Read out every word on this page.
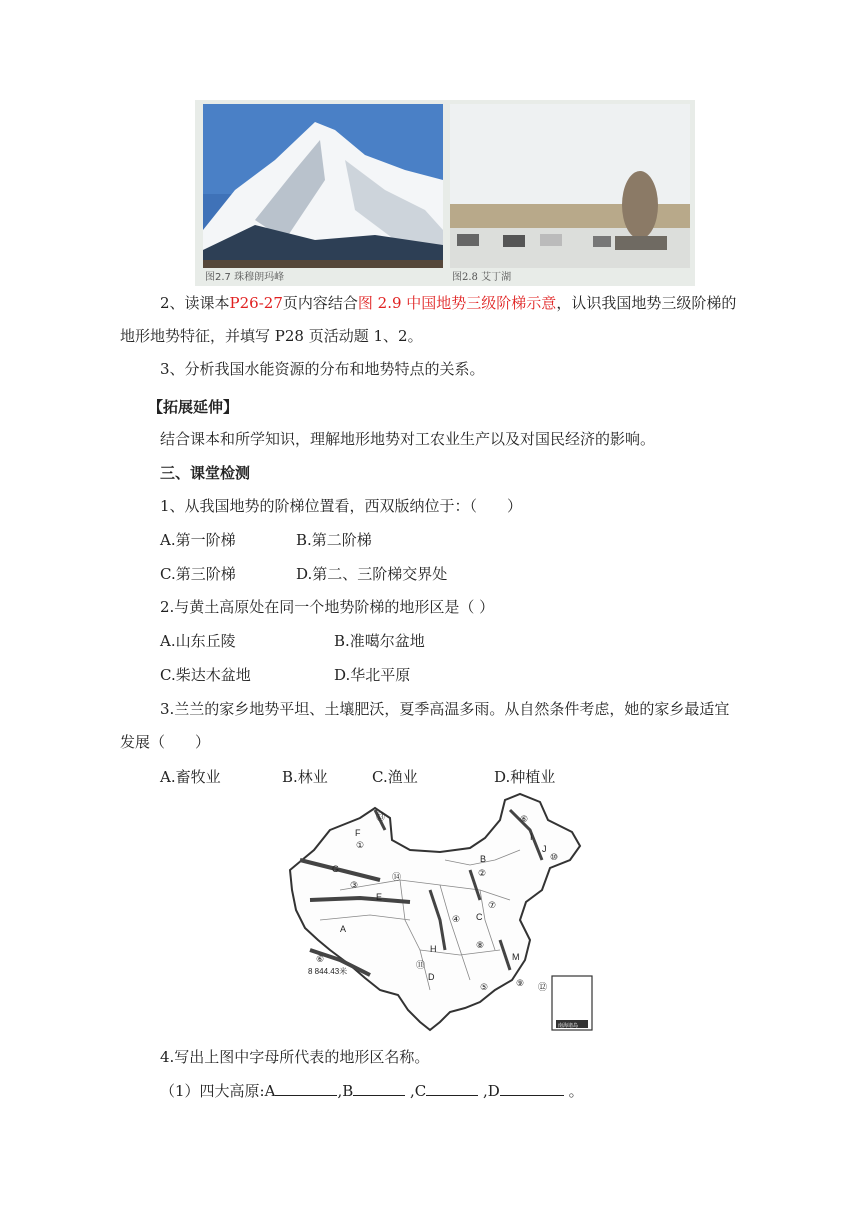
图2.7 珠穆朗玛峰	图2.8 艾丁湖
2、读课本P26-27页内容结合图 2.9 中国地势三级阶梯示意，认识我国地势三级阶梯的
地形地势特征，并填写 P28 页活动题 1、2。
3、分析我国水能资源的分布和地势特点的关系。
【拓展延伸】
结合课本和所学知识，理解地形地势对工农业生产以及对国民经济的影响。
三、课堂检测
1、从我国地势的阶梯位置看，西双版纳位于：（　　）
A.第一阶梯	B.第二阶梯
C.第三阶梯	D.第二、三阶梯交界处
2.与黄土高原处在同一个地势阶梯的地形区是（ ）
A.山东丘陵	B.准噶尔盆地
C.柴达木盆地	D.华北平原
3.兰兰的家乡地势平坦、土壤肥沃，夏季高温多雨。从自然条件考虑，她的家乡最适宜
发展（　　）
A.畜牧业	B.林业	C.渔业	D.种植业
南海诸岛
F
G
B
E
A
H
D
C
M
I
J
⑬
①
⑭
③
②
⑥
⑩
④
⑦
⑧
⑪
⑥
⑤	⑨ ⑫
8 844.43米
4.写出上图中字母所代表的地形区名称。
（1）四大高原:A	,B	,C	,D	。
